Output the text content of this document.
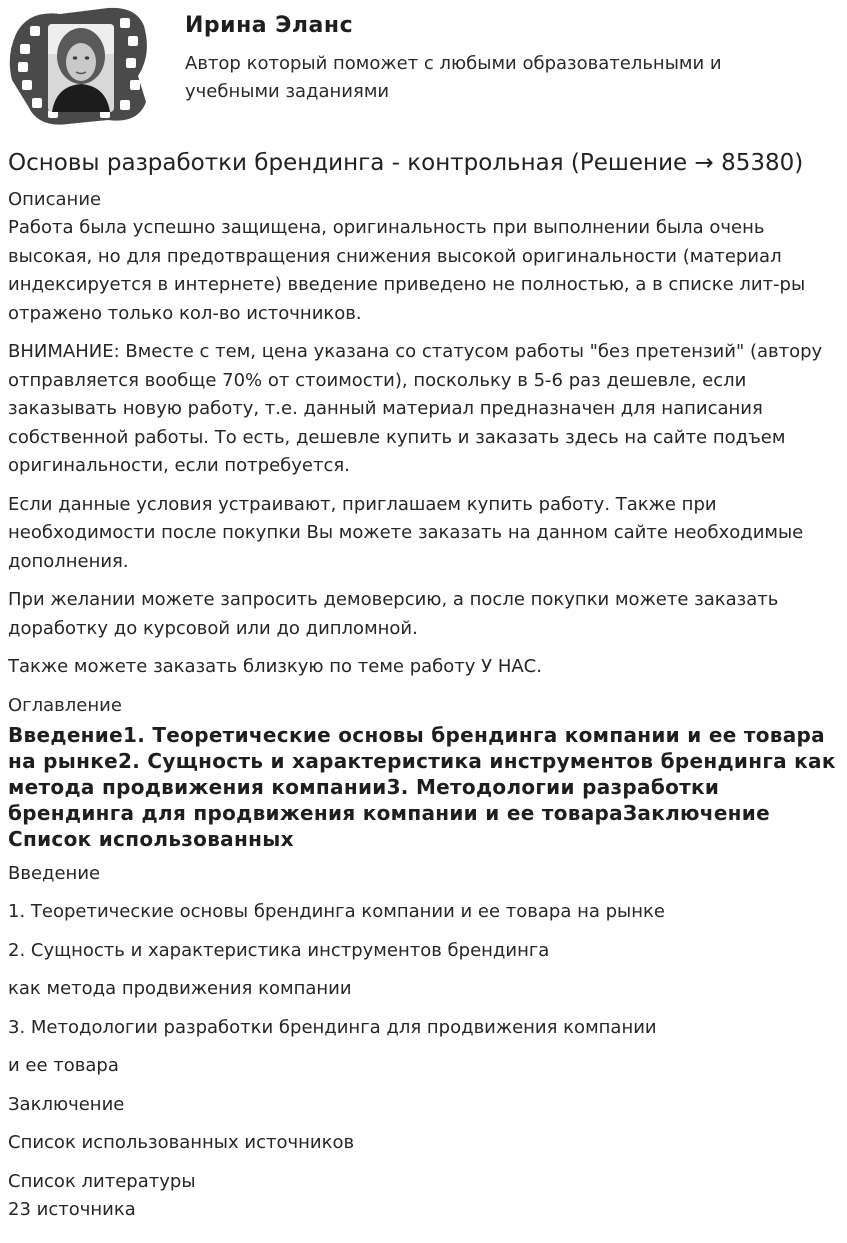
Ирина Эланс
Автор который поможет с любыми образовательными и учебными заданиями
Основы разработки брендинга - контрольная (Решение → 85380)

Описание

Работа была успешно защищена, оригинальность при выполнении была очень высокая, но для предотвращения снижения высокой оригинальности (материал индексируется в интернете) введение приведено не полностью, а в списке лит-ры отражено только кол-во источников.

ВНИМАНИЕ: Вместе с тем, цена указана со статусом работы "без претензий" (автору отправляется вообще 70% от стоимости), поскольку в 5-6 раз дешевле, если заказывать новую работу, т.е. данный материал предназначен для написания собственной работы. То есть, дешевле купить и заказать здесь на сайте подъем оригинальности, если потребуется.

Если данные условия устраивают, приглашаем купить работу. Также при необходимости после покупки Вы можете заказать на данном сайте необходимые дополнения.

При желании можете запросить демоверсию, а после покупки можете заказать доработку до курсовой или до дипломной.

Также можете заказать близкую по теме работу У НАС.

Оглавление

Введение1. Теоретические основы брендинга компании и ее товара на рынке2. Сущность и характеристика инструментов брендинга как метода продвижения компании3. Методологии разработки брендинга для продвижения компании и ее товараЗаключение Список использованных

Введение

1. Теоретические основы брендинга компании и ее товара на рынке

2. Сущность и характеристика инструментов брендинга

как метода продвижения компании

3. Методологии разработки брендинга для продвижения компании

и ее товара

Заключение

Список использованных источников

Список литературы

23 источника
